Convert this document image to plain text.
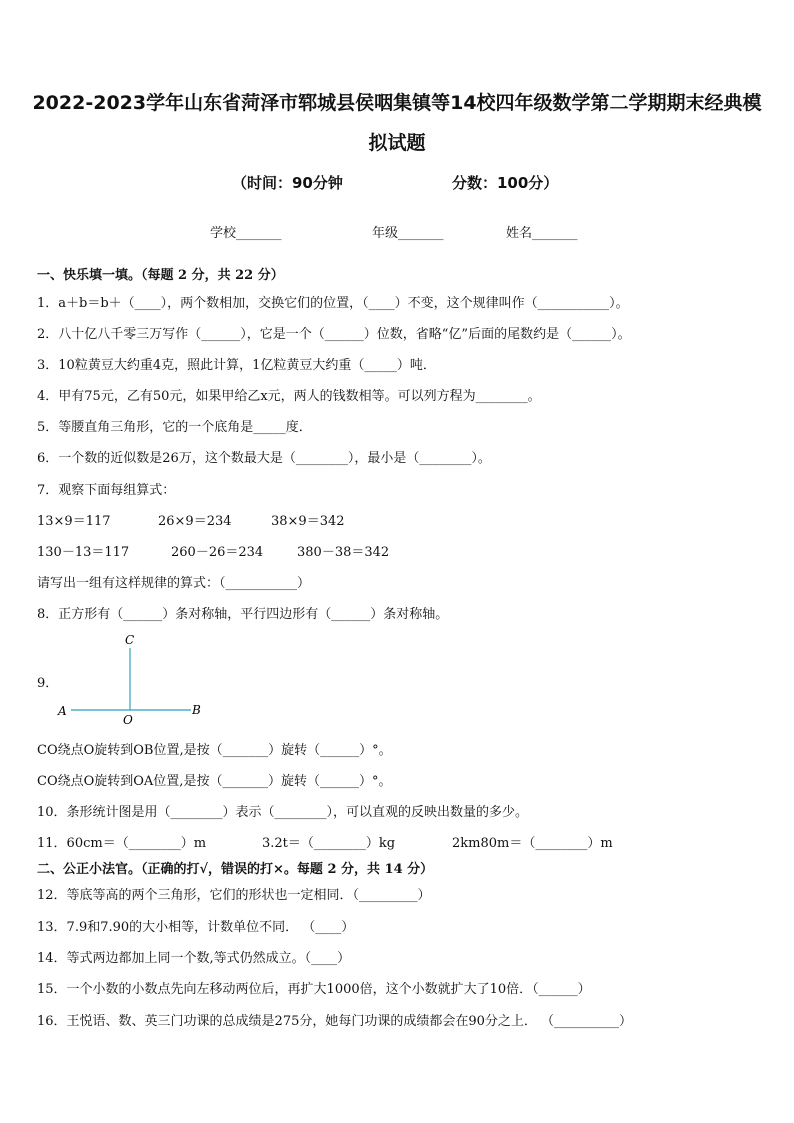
2022-2023学年山东省菏泽市郓城县侯咽集镇等14校四年级数学第二学期期末经典模
拟试题
（时间：90分钟	分数：100分）
学校_______	年级_______	姓名_______
一、快乐填一填。（每题 2 分，共 22 分）
1．a＋b＝b＋（____），两个数相加，交换它们的位置，（____）不变，这个规律叫作（___________）。
2．八十亿八千零三万写作（______），它是一个（______）位数，省略“亿”后面的尾数约是（______）。
3．10粒黄豆大约重4克，照此计算，1亿粒黄豆大约重（_____）吨．
4．甲有75元，乙有50元，如果甲给乙x元，两人的钱数相等。可以列方程为________。
5．等腰直角三角形，它的一个底角是_____度．
6．一个数的近似数是26万，这个数最大是（________），最小是（________）。
7．观察下面每组算式：
13×9＝117	26×9＝234	38×9＝342
130－13＝117	260－26＝234	380－38＝342
请写出一组有这样规律的算式：（___________）
8．正方形有（______）条对称轴，平行四边形有（______）条对称轴。
9．
C
A
O
B
CO绕点O旋转到OB位置,是按（_______）旋转（______）°。
CO绕点O旋转到OA位置,是按（_______）旋转（______）°。
10．条形统计图是用（________）表示（________），可以直观的反映出数量的多少。
11．60cm＝（________）m	3.2t＝（________）kg	2km80m＝（________）m
二、公正小法官。（正确的打√，错误的打×。每题 2 分，共 14 分）
12．等底等高的两个三角形，它们的形状也一定相同．（_________）
13．7.9和7.90的大小相等，计数单位不同． （____）
14．等式两边都加上同一个数,等式仍然成立。（____）
15．一个小数的小数点先向左移动两位后，再扩大1000倍，这个小数就扩大了10倍．（______）
16．王悦语、数、英三门功课的总成绩是275分，她每门功课的成绩都会在90分之上． （__________）
